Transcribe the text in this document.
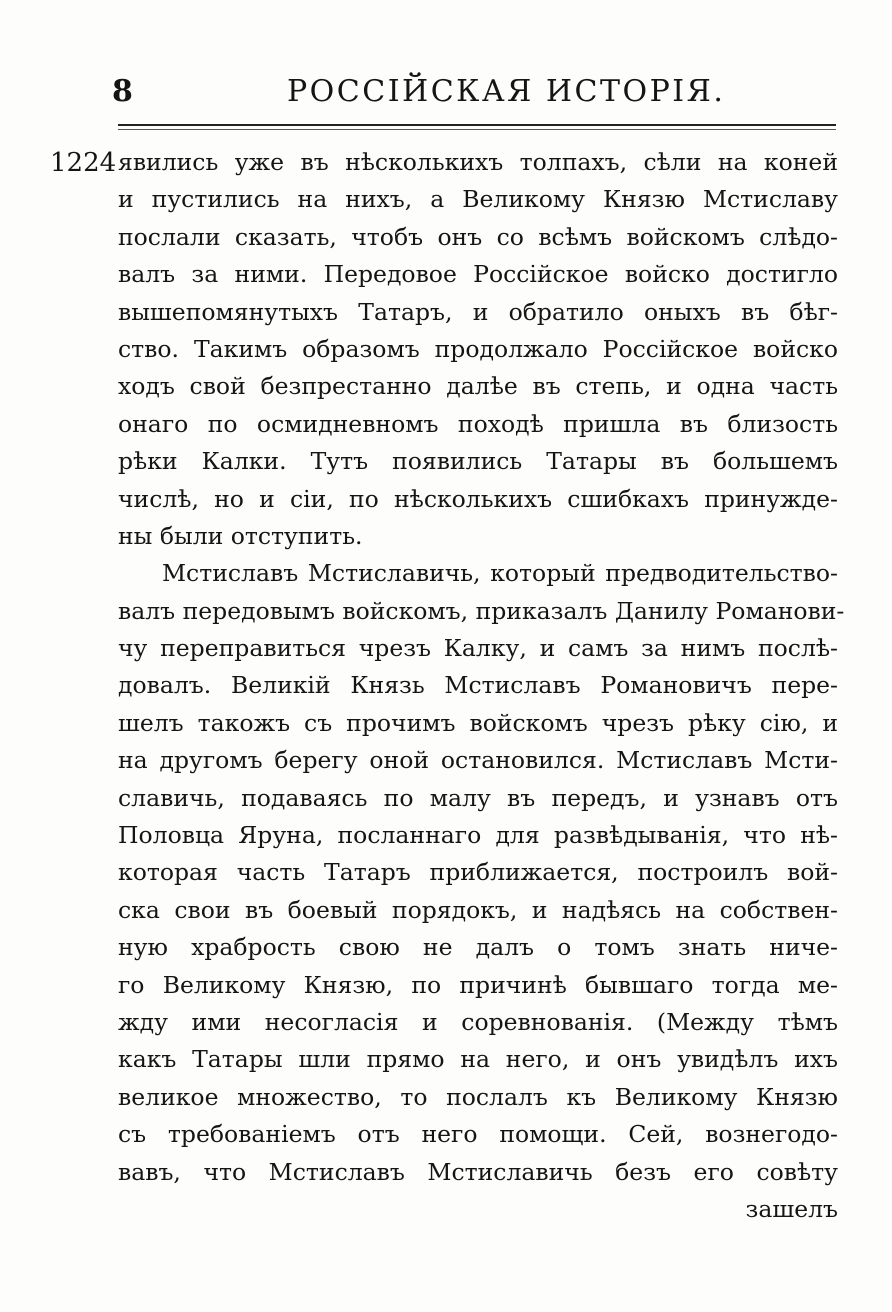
8	РОССІЙСКАЯ ИСТОРІЯ.
1224 явились уже въ нѣсколькихъ толпахъ, сѣли на коней
и пустились на нихъ, а Великому Князю Мстиславу
послали сказать, чтобъ онъ со всѣмъ войскомъ слѣдо-
валъ за ними. Передовое Россійское войско достигло
вышепомянутыхъ Татаръ, и обратило оныхъ въ бѣг-
ство. Такимъ образомъ продолжало Россійское войско
ходъ свой безпрестанно далѣе въ степь, и одна часть
онаго по осмидневномъ походѣ пришла въ близость
рѣки Калки. Тутъ появились Татары въ большемъ
числѣ, но и сіи, по нѣсколькихъ сшибкахъ принужде-
ны были отступить.
Мстиславъ Мстиславичь, который предводительство-
валъ передовымъ войскомъ, приказалъ Данилу Романови-
чу переправиться чрезъ Калку, и самъ за нимъ послѣ-
довалъ. Великій Князь Мстиславъ Романовичъ пере-
шелъ такожъ съ прочимъ войскомъ чрезъ рѣку сію, и
на другомъ берегу оной остановился. Мстиславъ Мсти-
славичь, подаваясь по малу въ передъ, и узнавъ отъ
Половца Яруна, посланнаго для развѣдыванія, что нѣ-
которая часть Татаръ приближается, построилъ вой-
ска свои въ боевый порядокъ, и надѣясь на собствен-
ную храбрость свою не далъ о томъ знать ниче-
го Великому Князю, по причинѣ бывшаго тогда ме-
жду ими несогласія и соревнованія. (Между тѣмъ
какъ Татары шли прямо на него, и онъ увидѣлъ ихъ
великое множество, то послалъ къ Великому Князю
съ требованіемъ отъ него помощи. Сей, вознегодо-
вавъ, что Мстиславъ Мстиславичь безъ его совѣту
зашелъ
